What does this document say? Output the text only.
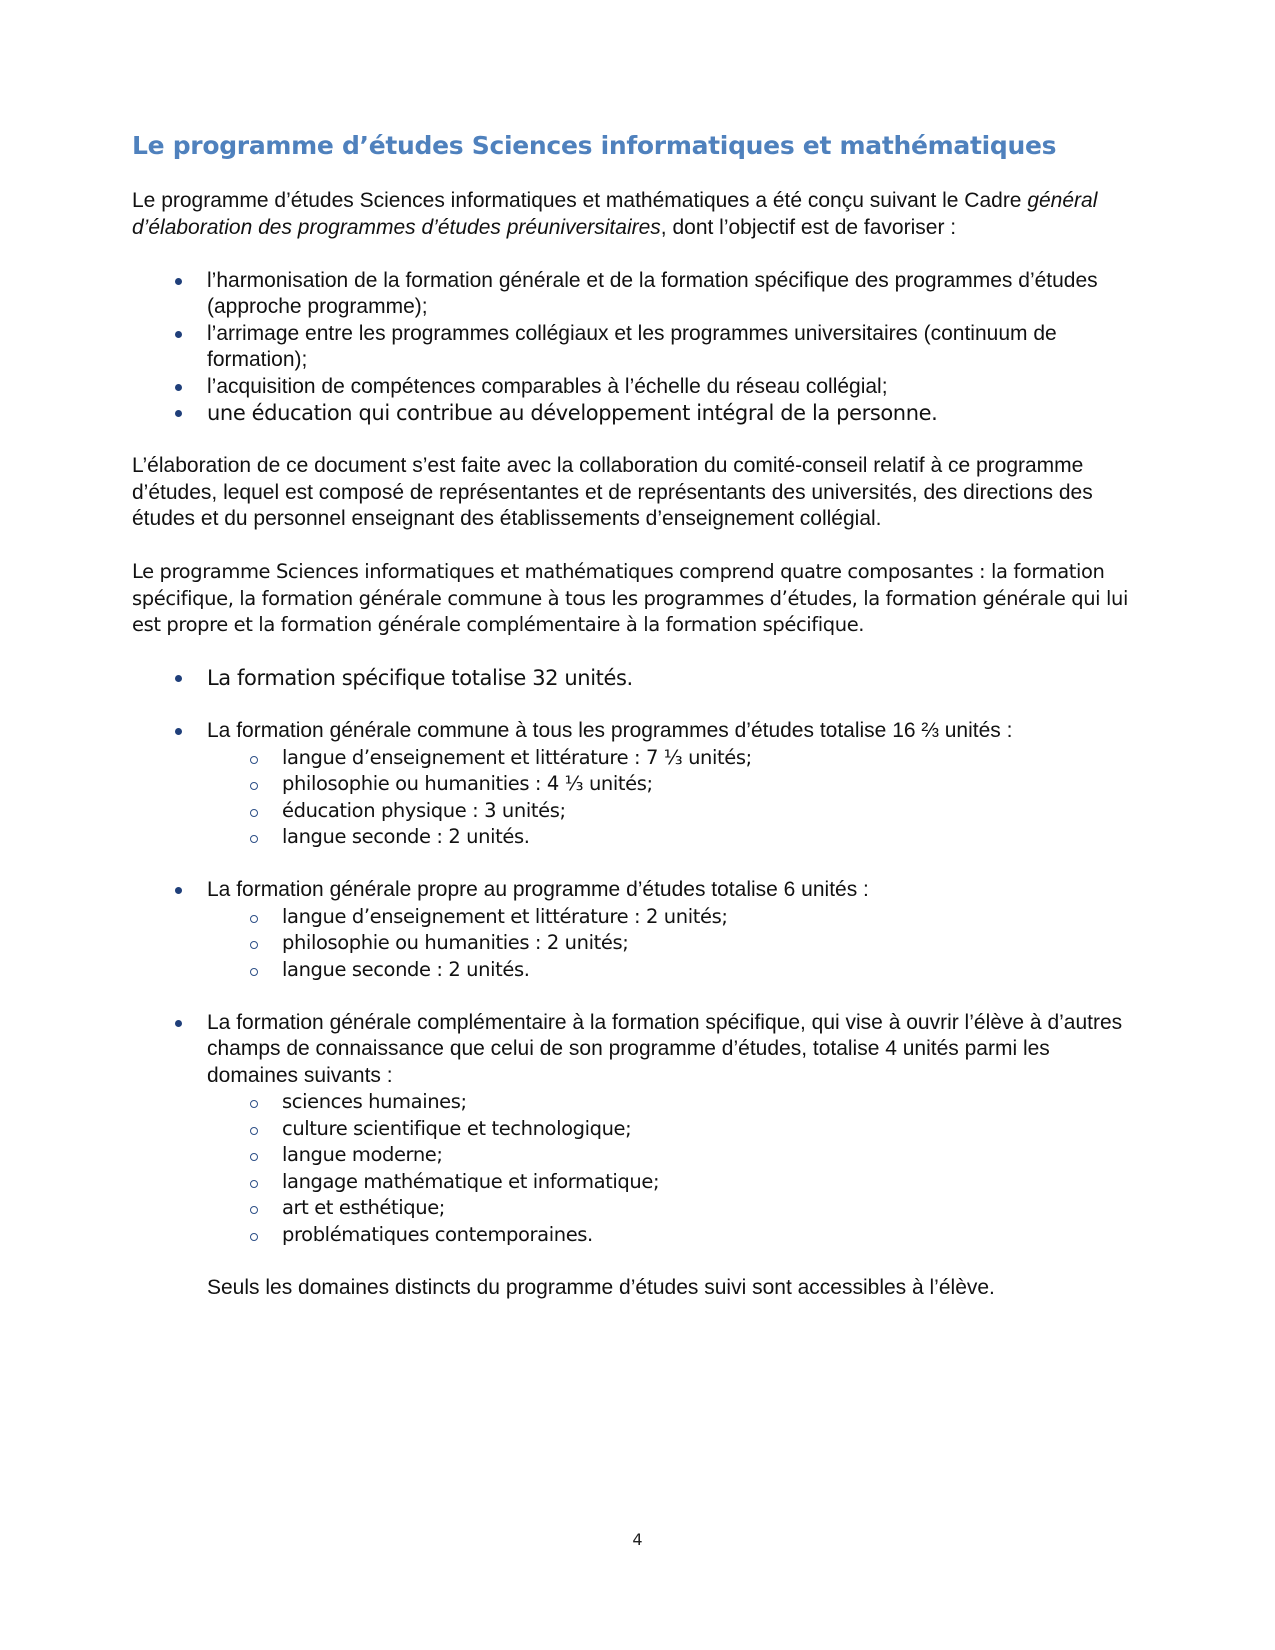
Le programme d’études Sciences informatiques et mathématiques

Le programme d’études Sciences informatiques et mathématiques a été conçu suivant le Cadre général d’élaboration des programmes d’études préuniversitaires, dont l’objectif est de favoriser :

l’harmonisation de la formation générale et de la formation spécifique des programmes d’études (approche programme);
l’arrimage entre les programmes collégiaux et les programmes universitaires (continuum de formation);
l’acquisition de compétences comparables à l’échelle du réseau collégial;
une éducation qui contribue au développement intégral de la personne.

L’élaboration de ce document s’est faite avec la collaboration du comité-conseil relatif à ce programme d’études, lequel est composé de représentantes et de représentants des universités, des directions des études et du personnel enseignant des établissements d’enseignement collégial.

Le programme Sciences informatiques et mathématiques comprend quatre composantes : la formation spécifique, la formation générale commune à tous les programmes d’études, la formation générale qui lui est propre et la formation générale complémentaire à la formation spécifique.

La formation spécifique totalise 32 unités.
La formation générale commune à tous les programmes d’études totalise 16 ⅔ unités :
langue d’enseignement et littérature : 7 ⅓ unités;
philosophie ou humanities : 4 ⅓ unités;
éducation physique : 3 unités;
langue seconde : 2 unités.
La formation générale propre au programme d’études totalise 6 unités :
langue d’enseignement et littérature : 2 unités;
philosophie ou humanities : 2 unités;
langue seconde : 2 unités.
La formation générale complémentaire à la formation spécifique, qui vise à ouvrir l’élève à d’autres champs de connaissance que celui de son programme d’études, totalise 4 unités parmi les domaines suivants :
sciences humaines;
culture scientifique et technologique;
langue moderne;
langage mathématique et informatique;
art et esthétique;
problématiques contemporaines.

Seuls les domaines distincts du programme d’études suivi sont accessibles à l’élève.

4
